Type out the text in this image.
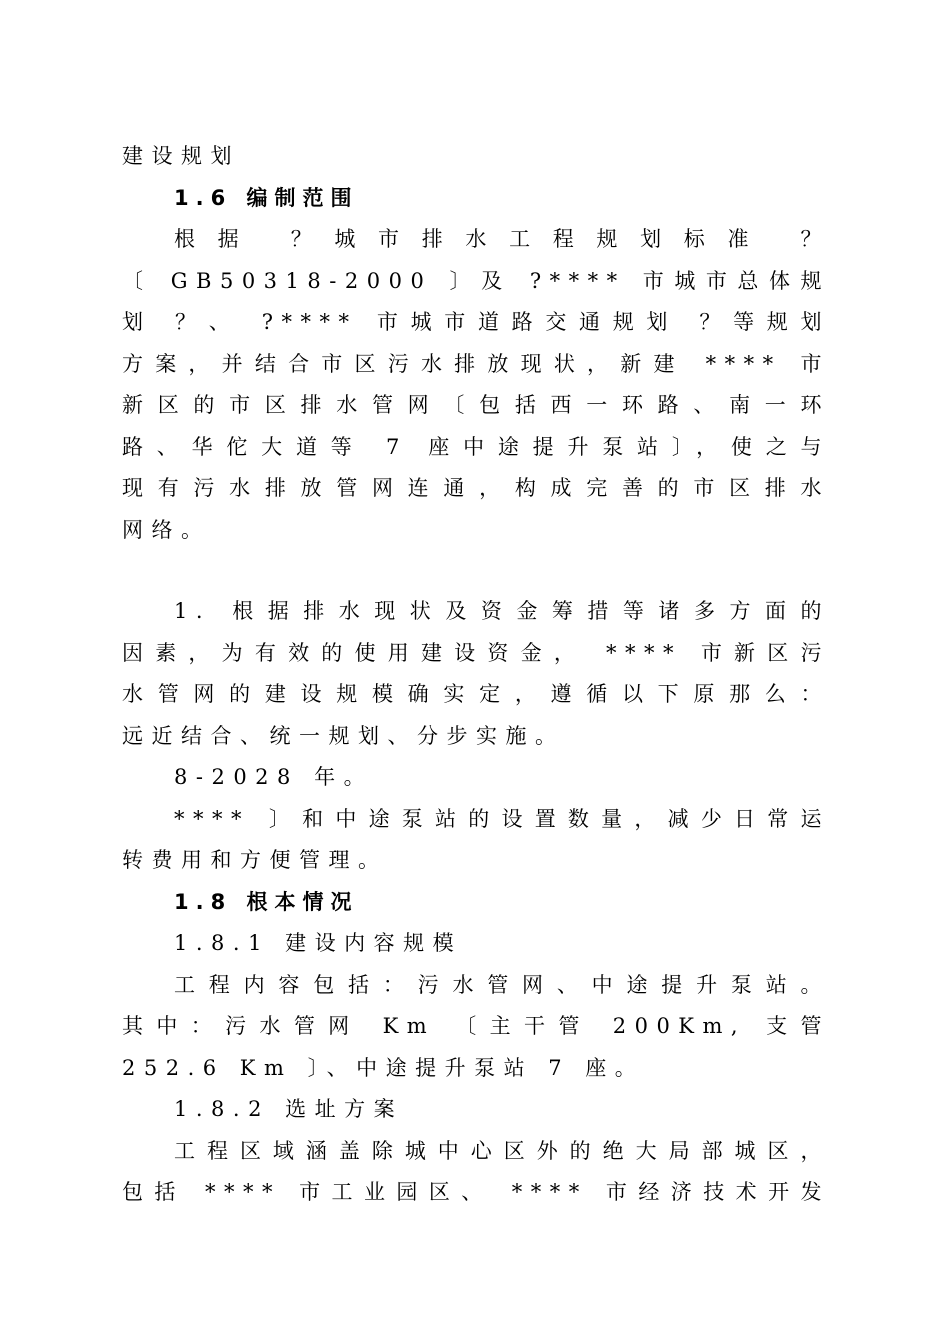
建设规划
1.6 编制范围
根据 ？城市排水工程规划标准 ？
〔 GB50318-2000 〕及 ?**** 市城市总体规
划 ？、 ?**** 市城市道路交通规划 ？等规划
方案，并结合市区污水排放现状，新建 **** 市
新区的市区排水管网〔包括西一环路、南一环
路、华佗大道等 7 座中途提升泵站〕，使之与
现有污水排放管网连通，构成完善的市区排水
网络。
1. 根据排水现状及资金筹措等诸多方面的
因素，为有效的使用建设资金， **** 市新区污
水管网的建设规模确实定，遵循以下原那么：
远近结合、统一规划、分步实施。
8-2028 年。
**** 〕和中途泵站的设置数量，减少日常运
转费用和方便管理。
1.8 根本情况
1.8.1 建设内容规模
工程内容包括：污水管网、中途提升泵站。
其中：污水管网 Km 〔主干管 200Km, 支管
252.6 Km 〕、中途提升泵站 7 座。
1.8.2 选址方案
工程区域涵盖除城中心区外的绝大局部城区，
包括 **** 市工业园区、 **** 市经济技术开发
